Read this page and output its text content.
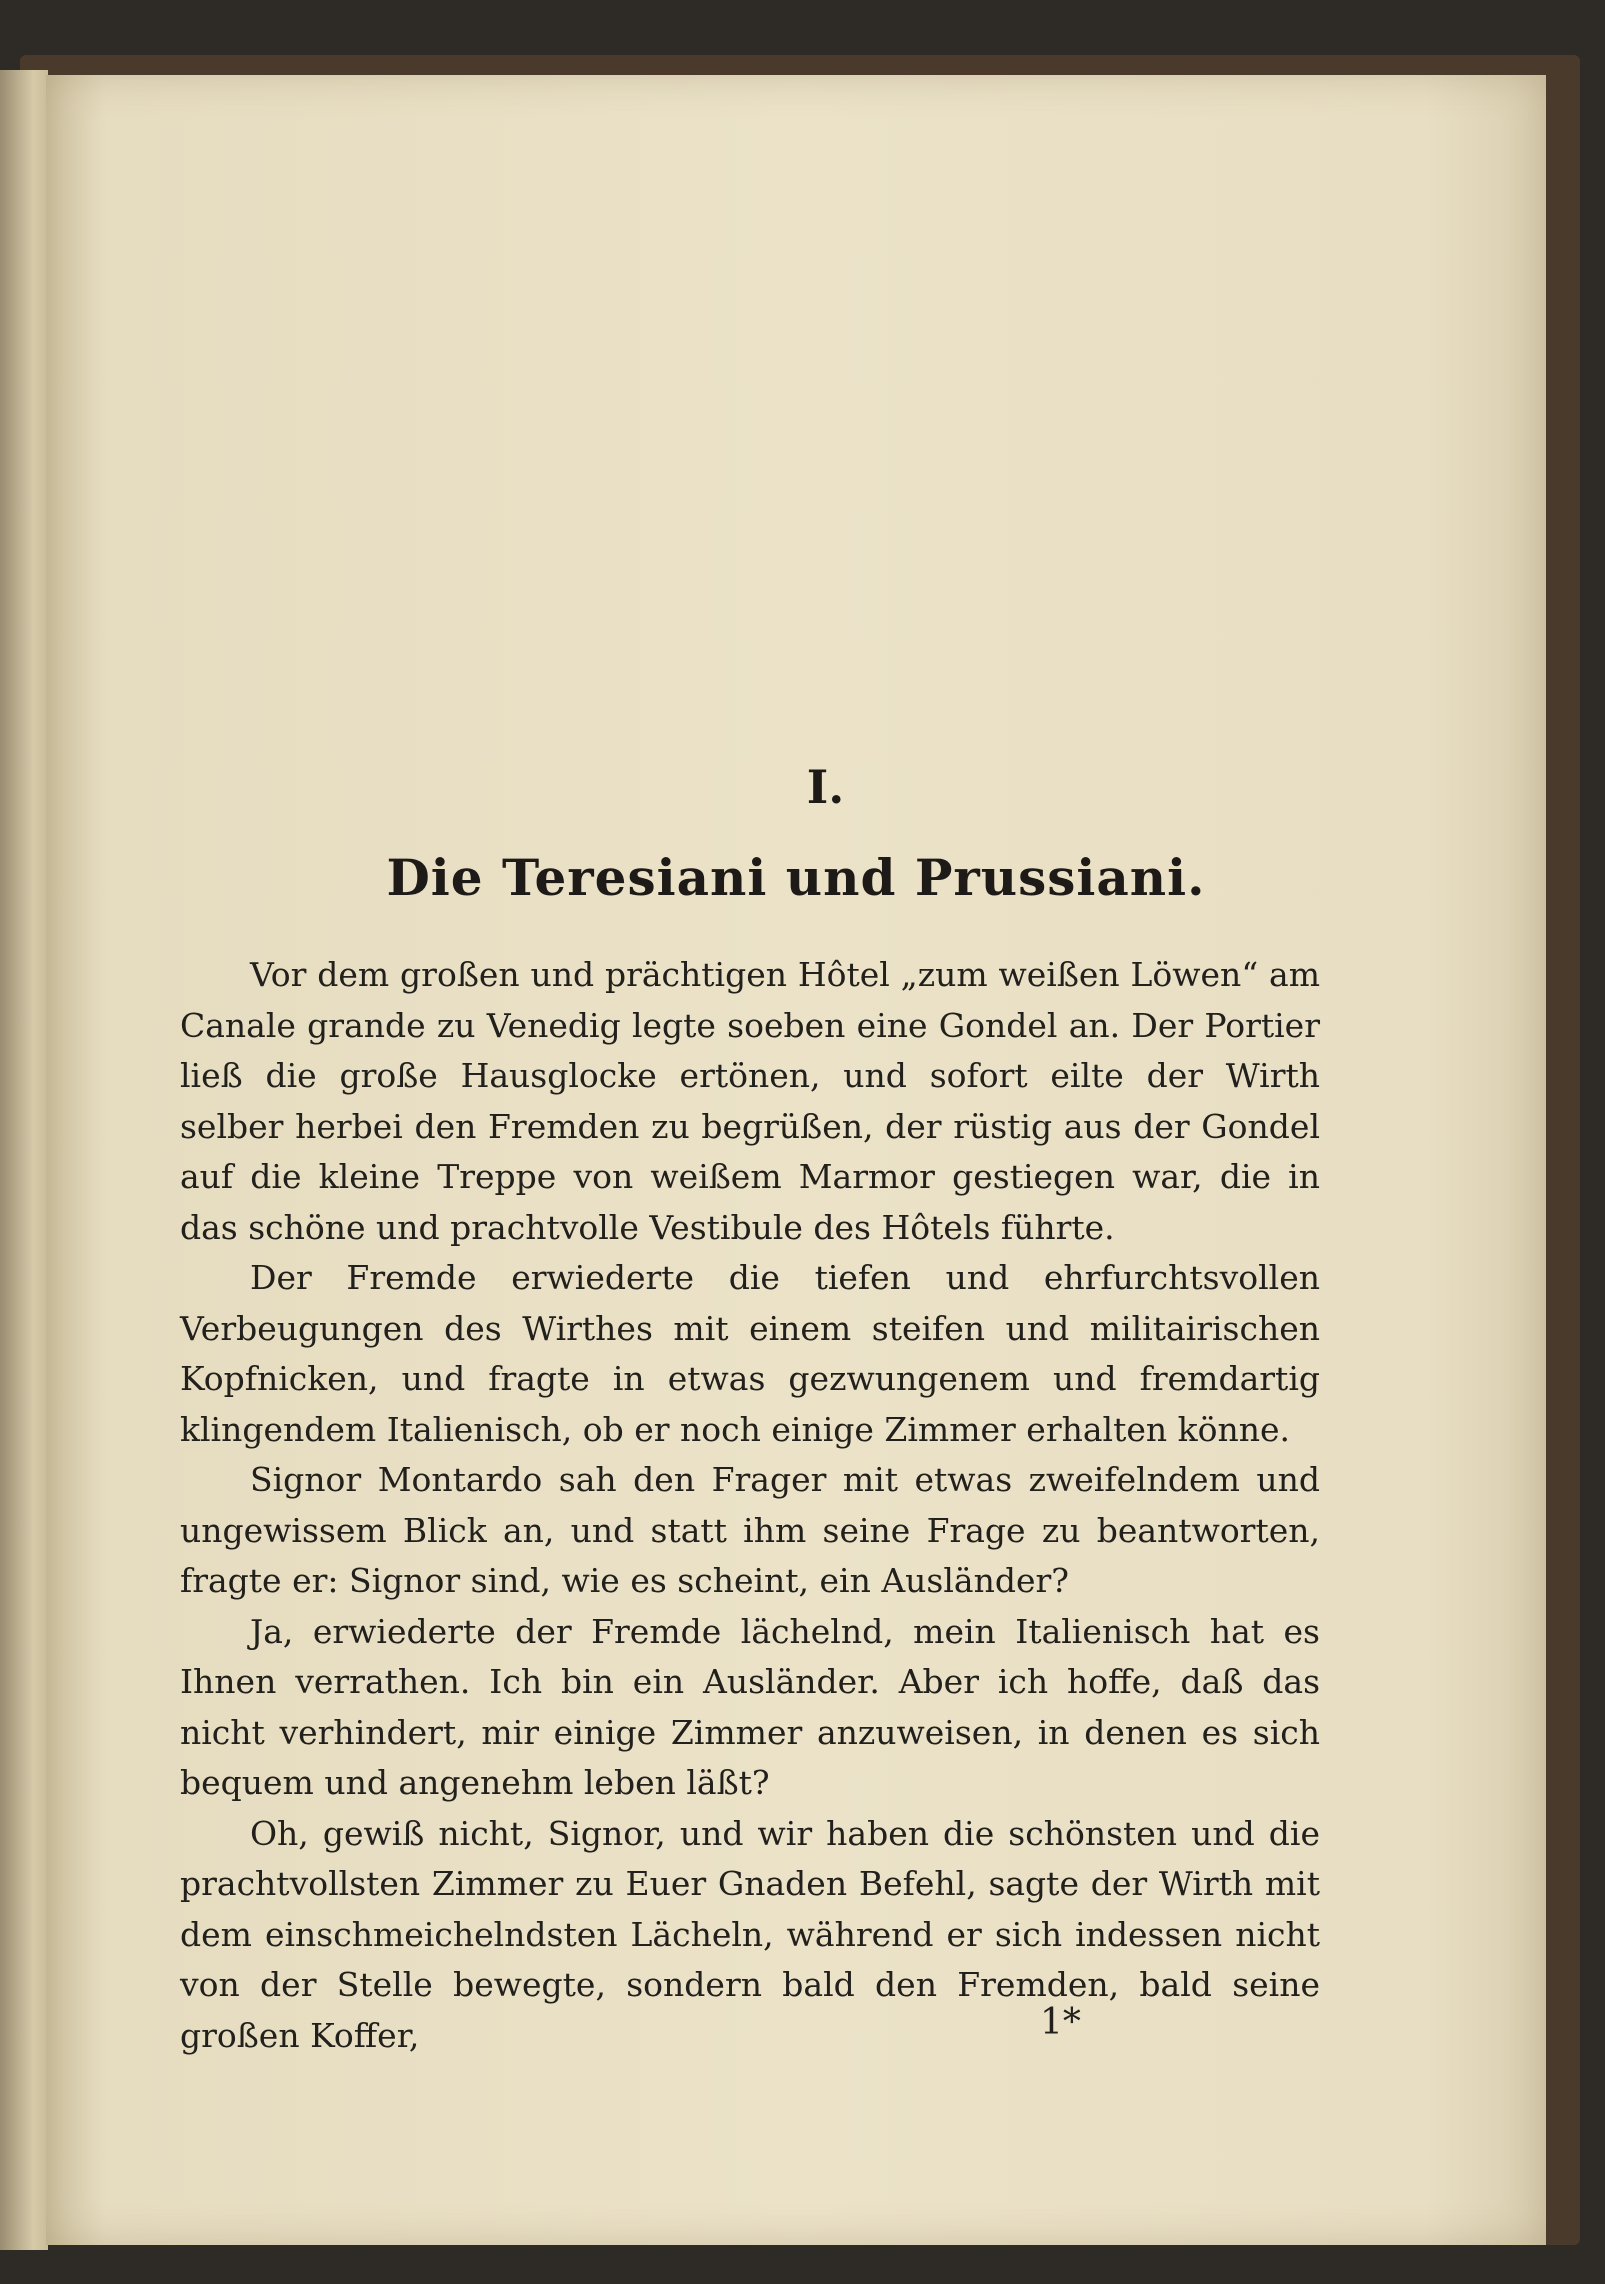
I.
Die Teresiani und Prussiani.

Vor dem großen und prächtigen Hôtel „zum weißen Löwen“ am Canale grande zu Venedig legte soeben eine Gondel an. Der Portier ließ die große Hausglocke ertönen, und sofort eilte der Wirth selber herbei den Fremden zu begrüßen, der rüstig aus der Gondel auf die kleine Treppe von weißem Marmor gestiegen war, die in das schöne und prachtvolle Vestibule des Hôtels führte.

Der Fremde erwiederte die tiefen und ehrfurchtsvollen Verbeugungen des Wirthes mit einem steifen und militairischen Kopfnicken, und fragte in etwas gezwungenem und fremdartig klingendem Italienisch, ob er noch einige Zimmer erhalten könne.

Signor Montardo sah den Frager mit etwas zweifelndem und ungewissem Blick an, und statt ihm seine Frage zu beantworten, fragte er: Signor sind, wie es scheint, ein Ausländer?

Ja, erwiederte der Fremde lächelnd, mein Italienisch hat es Ihnen verrathen. Ich bin ein Ausländer. Aber ich hoffe, daß das nicht verhindert, mir einige Zimmer anzuweisen, in denen es sich bequem und angenehm leben läßt?

Oh, gewiß nicht, Signor, und wir haben die schönsten und die prachtvollsten Zimmer zu Euer Gnaden Befehl, sagte der Wirth mit dem einschmeichelndsten Lächeln, während er sich indessen nicht von der Stelle bewegte, sondern bald den Fremden, bald seine großen Koffer,	1*
